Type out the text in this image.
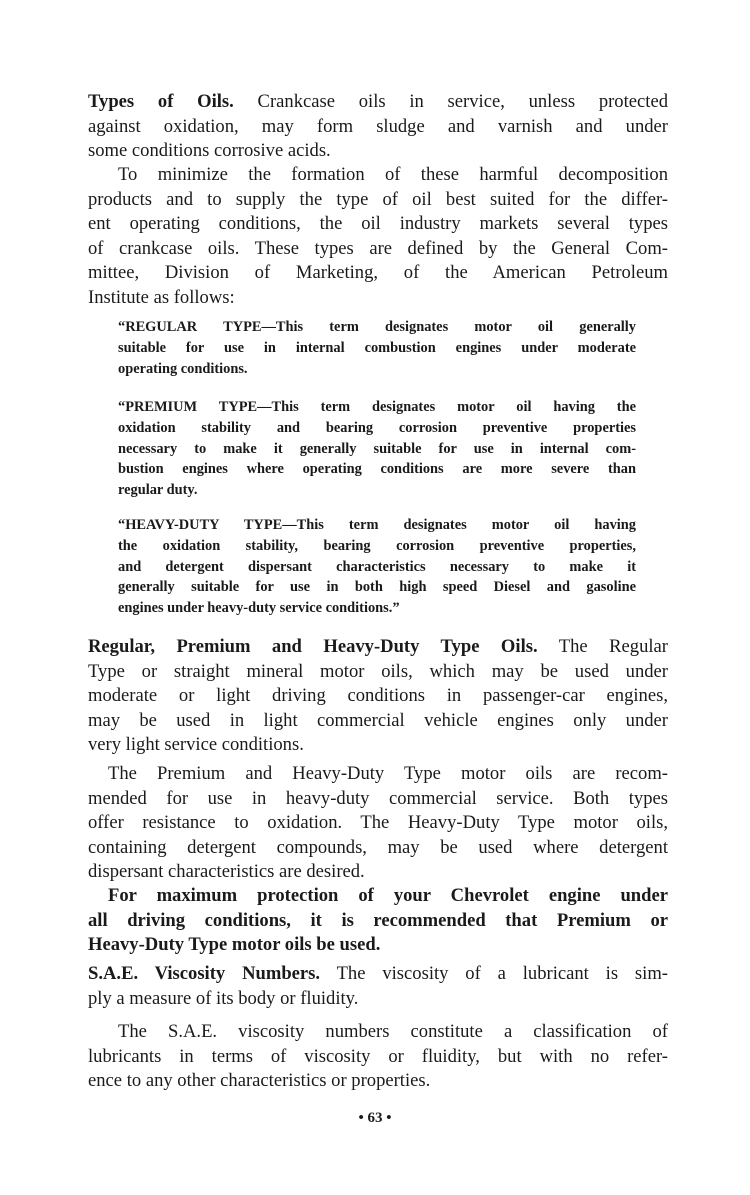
Types of Oils. Crankcase oils in service, unless protected
against oxidation, may form sludge and varnish and under
some conditions corrosive acids.
To minimize the formation of these harmful decomposition
products and to supply the type of oil best suited for the differ-
ent operating conditions, the oil industry markets several types
of crankcase oils. These types are defined by the General Com-
mittee, Division of Marketing, of the American Petroleum
Institute as follows:
“REGULAR TYPE—This term designates motor oil generally
suitable for use in internal combustion engines under moderate
operating conditions.
“PREMIUM TYPE—This term designates motor oil having the
oxidation stability and bearing corrosion preventive properties
necessary to make it generally suitable for use in internal com-
bustion engines where operating conditions are more severe than
regular duty.
“HEAVY-DUTY TYPE—This term designates motor oil having
the oxidation stability, bearing corrosion preventive properties,
and detergent dispersant characteristics necessary to make it
generally suitable for use in both high speed Diesel and gasoline
engines under heavy-duty service conditions.”
Regular, Premium and Heavy-Duty Type Oils. The Regular
Type or straight mineral motor oils, which may be used under
moderate or light driving conditions in passenger-car engines,
may be used in light commercial vehicle engines only under
very light service conditions.
The Premium and Heavy-Duty Type motor oils are recom-
mended for use in heavy-duty commercial service. Both types
offer resistance to oxidation. The Heavy-Duty Type motor oils,
containing detergent compounds, may be used where detergent
dispersant characteristics are desired.
For maximum protection of your Chevrolet engine under
all driving conditions, it is recommended that Premium or
Heavy-Duty Type motor oils be used.
S.A.E. Viscosity Numbers. The viscosity of a lubricant is sim-
ply a measure of its body or fluidity.
The S.A.E. viscosity numbers constitute a classification of
lubricants in terms of viscosity or fluidity, but with no refer-
ence to any other characteristics or properties.
• 63 •
